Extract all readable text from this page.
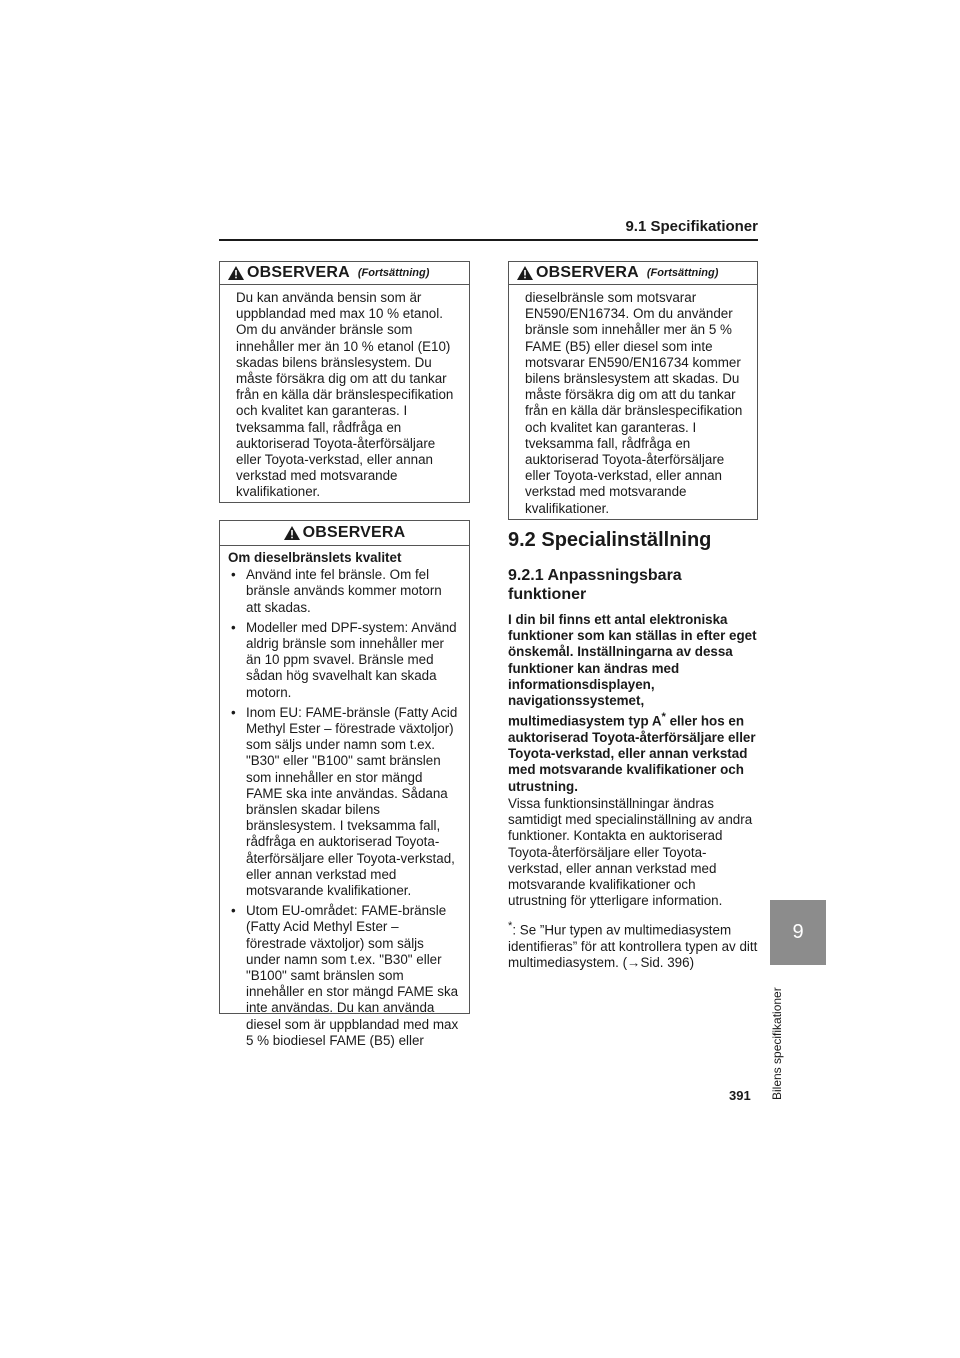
9.1 Specifikationer
OBSERVERA (Fortsättning)

Du kan använda bensin som är uppblandad med max 10 % etanol. Om du använder bränsle som innehåller mer än 10 % etanol (E10) skadas bilens bränslesystem. Du måste försäkra dig om att du tankar från en källa där bränslespecifikation och kvalitet kan garanteras. I tveksamma fall, rådfråga en auktoriserad Toyota-återförsäljare eller Toyota-verkstad, eller annan verkstad med motsvarande kvalifikationer.

OBSERVERA

Om dieselbränslets kvalitet

• Använd inte fel bränsle. Om fel bränsle används kommer motorn att skadas.
• Modeller med DPF-system: Använd aldrig bränsle som innehåller mer än 10 ppm svavel. Bränsle med sådan hög svavelhalt kan skada motorn.
• Inom EU: FAME-bränsle (Fatty Acid Methyl Ester – förestrade växtoljor) som säljs under namn som t.ex. "B30" eller "B100" samt bränslen som innehåller en stor mängd FAME ska inte användas. Sådana bränslen skadar bilens bränslesystem. I tveksamma fall, rådfråga en auktoriserad Toyota-återförsäljare eller Toyota-verkstad, eller annan verkstad med motsvarande kvalifikationer.
• Utom EU-området: FAME-bränsle (Fatty Acid Methyl Ester – förestrade växtoljor) som säljs under namn som t.ex. "B30" eller "B100" samt bränslen som innehåller en stor mängd FAME ska inte användas. Du kan använda diesel som är uppblandad med max 5 % biodiesel FAME (B5) eller
OBSERVERA (Fortsättning)

dieselbränsle som motsvarar EN590/EN16734. Om du använder bränsle som innehåller mer än 5 % FAME (B5) eller diesel som inte motsvarar EN590/EN16734 kommer bilens bränslesystem att skadas. Du måste försäkra dig om att du tankar från en källa där bränslespecifikation och kvalitet kan garanteras. I tveksamma fall, rådfråga en auktoriserad Toyota-återförsäljare eller Toyota-verkstad, eller annan verkstad med motsvarande kvalifikationer.

9.2 Specialinställning
9.2.1 Anpassningsbara funktioner

I din bil finns ett antal elektroniska funktioner som kan ställas in efter eget önskemål. Inställningarna av dessa funktioner kan ändras med informationsdisplayen, navigationssystemet, multimediasystem typ A* eller hos en auktoriserad Toyota-återförsäljare eller Toyota-verkstad, eller annan verkstad med motsvarande kvalifikationer och utrustning.

Vissa funktionsinställningar ändras samtidigt med specialinställning av andra funktioner. Kontakta en auktoriserad Toyota-återförsäljare eller Toyota-verkstad, eller annan verkstad med motsvarande kvalifikationer och utrustning för ytterligare information.

*: Se ”Hur typen av multimediasystem identifieras” för att kontrollera typen av ditt multimediasystem. (→Sid. 396)

9
Bilens specifikationer
391
